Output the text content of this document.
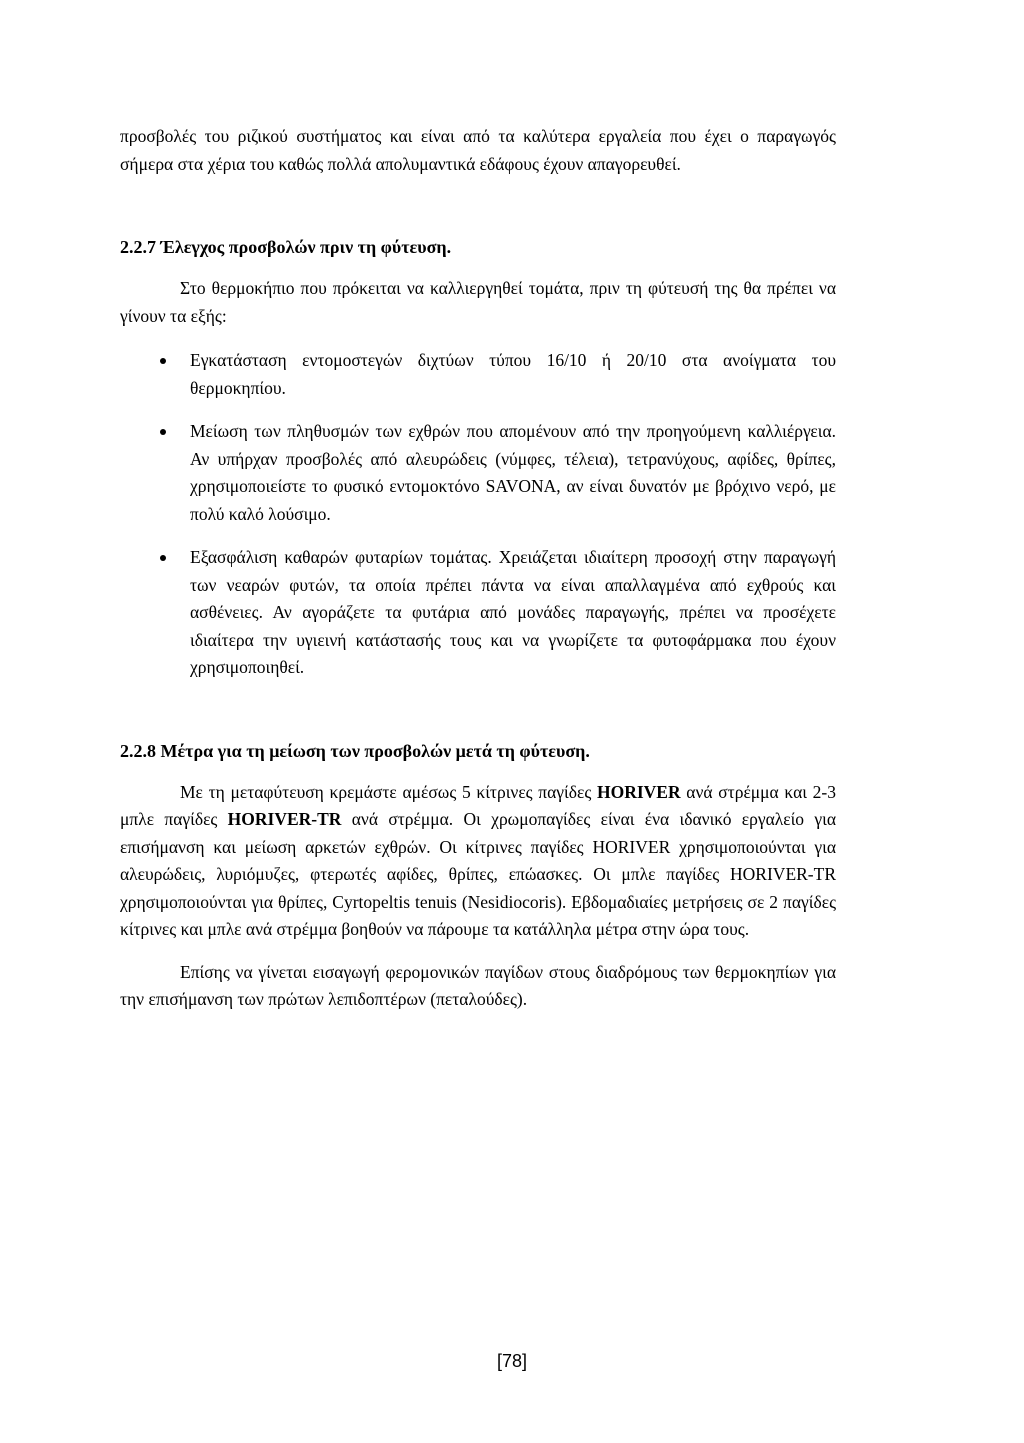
προσβολές του ριζικού συστήματος και είναι από τα καλύτερα εργαλεία που έχει ο παραγωγός σήμερα στα χέρια του καθώς πολλά απολυμαντικά εδάφους έχουν απαγορευθεί.

2.2.7 Έλεγχος προσβολών πριν τη φύτευση.

Στο θερμοκήπιο που πρόκειται να καλλιεργηθεί τομάτα, πριν τη φύτευσή της θα πρέπει να γίνουν τα εξής:

Εγκατάσταση εντομοστεγών διχτύων τύπου 16/10 ή 20/10 στα ανοίγματα του θερμοκηπίου.

Μείωση των πληθυσμών των εχθρών που απομένουν από την προηγούμενη καλλιέργεια. Αν υπήρχαν προσβολές από αλευρώδεις (νύμφες, τέλεια), τετρανύχους, αφίδες, θρίπες, χρησιμοποιείστε το φυσικό εντομοκτόνο SAVONA, αν είναι δυνατόν με βρόχινο νερό, με πολύ καλό λούσιμο.

Εξασφάλιση καθαρών φυταρίων τομάτας. Χρειάζεται ιδιαίτερη προσοχή στην παραγωγή των νεαρών φυτών, τα οποία πρέπει πάντα να είναι απαλλαγμένα από εχθρούς και ασθένειες. Αν αγοράζετε τα φυτάρια από μονάδες παραγωγής, πρέπει να προσέχετε ιδιαίτερα την υγιεινή κατάστασής τους και να γνωρίζετε τα φυτοφάρμακα που έχουν χρησιμοποιηθεί.

2.2.8 Μέτρα για τη μείωση των προσβολών μετά τη φύτευση.

Με τη μεταφύτευση κρεμάστε αμέσως 5 κίτρινες παγίδες HORIVER ανά στρέμμα και 2-3 μπλε παγίδες HORIVER-TR ανά στρέμμα. Οι χρωμοπαγίδες είναι ένα ιδανικό εργαλείο για επισήμανση και μείωση αρκετών εχθρών. Οι κίτρινες παγίδες HORIVER χρησιμοποιούνται για αλευρώδεις, λυριόμυζες, φτερωτές αφίδες, θρίπες, επώασκες. Οι μπλε παγίδες HORIVER-TR χρησιμοποιούνται για θρίπες, Cyrtopeltis tenuis (Nesidiocoris). Εβδομαδιαίες μετρήσεις σε 2 παγίδες κίτρινες και μπλε ανά στρέμμα βοηθούν να πάρουμε τα κατάλληλα μέτρα στην ώρα τους.

Επίσης να γίνεται εισαγωγή φερομονικών παγίδων στους διαδρόμους των θερμοκηπίων για την επισήμανση των πρώτων λεπιδοπτέρων (πεταλούδες).

[78]
